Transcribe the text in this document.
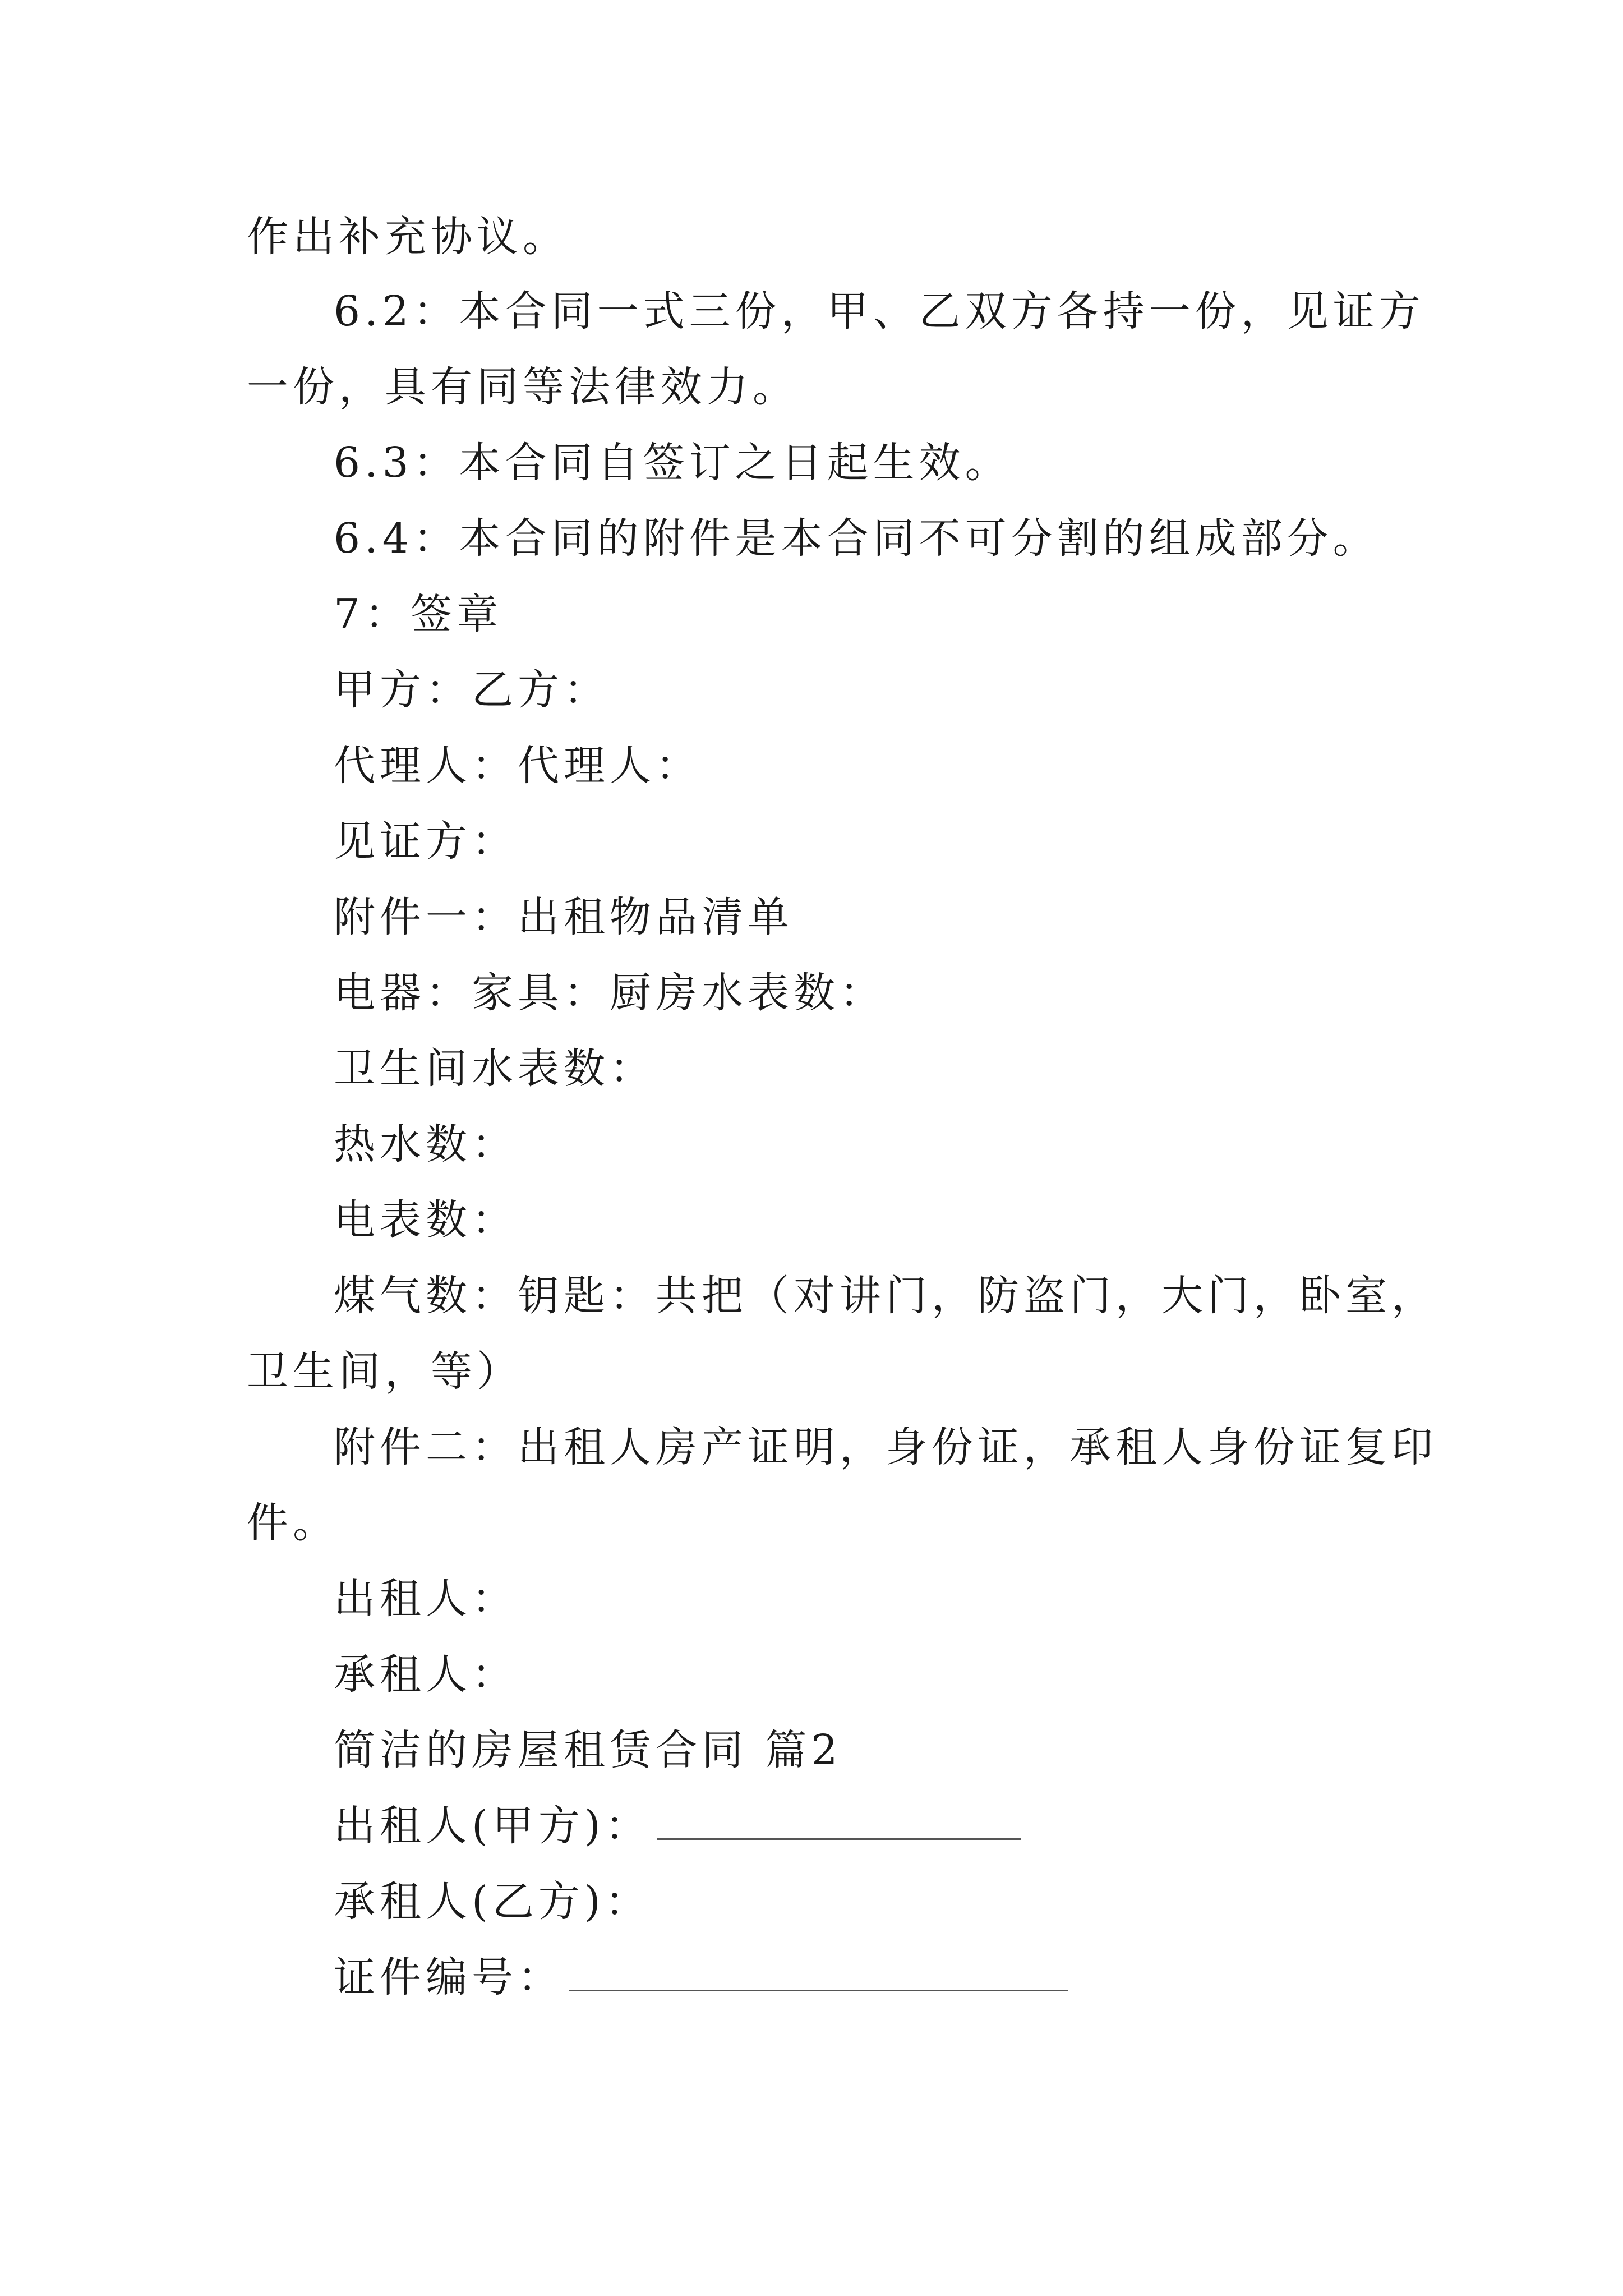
作出补充协议。
6.2：本合同一式三份，甲、乙双方各持一份，见证方
一份，具有同等法律效力。
6.3：本合同自签订之日起生效。
6.4：本合同的附件是本合同不可分割的组成部分。
7：签章
甲方：乙方：
代理人：代理人：
见证方：
附件一：出租物品清单
电器：家具：厨房水表数：
卫生间水表数：
热水数：
电表数：
煤气数：钥匙：共把（对讲门，防盗门，大门，卧室，
卫生间，等）
附件二：出租人房产证明，身份证，承租人身份证复印
件。
出租人：
承租人：
简洁的房屋租赁合同 篇2
出租人(甲方)：
承租人(乙方)：
证件编号：
